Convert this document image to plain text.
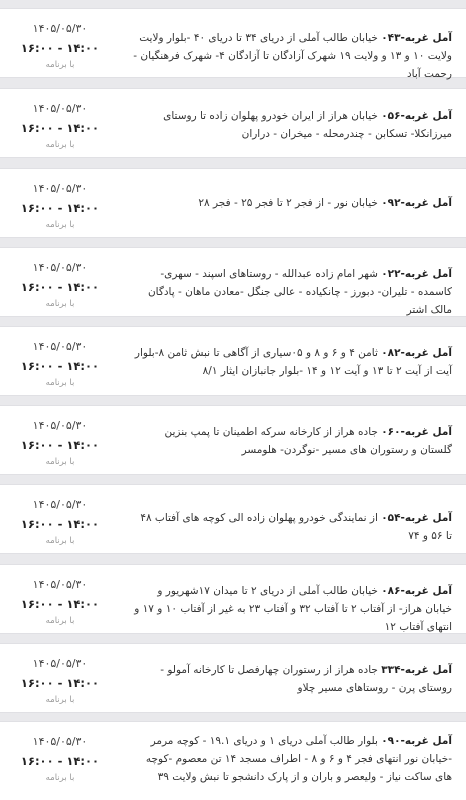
۱۴۰۵/۰۵/۳۰
۱۶:۰۰ - ۱۴:۰۰
با برنامه
آمل غربه-۰۴۳ خیابان طالب آملی از دریای ۳۴ تا دریای ۴۰ -بلوار ولایت ولایت ۱۰ و ۱۳ و ولایت ۱۹ شهرک آزادگان تا آزادگان ۴- شهرک فرهنگیان - رحمت آباد
۱۴۰۵/۰۵/۳۰
۱۶:۰۰ - ۱۴:۰۰
با برنامه
آمل غربه-۰۵۶ خیابان هراز از ایران خودرو پهلوان زاده تا روستای میرزانکلا- تسکابن - چندرمحله - میخران - دراران
۱۴۰۵/۰۵/۳۰
۱۶:۰۰ - ۱۴:۰۰
با برنامه
آمل غربه-۰۹۲ خیابان نور - از فجر ۲ تا فجر ۲۵ - فجر ۲۸
۱۴۰۵/۰۵/۳۰
۱۶:۰۰ - ۱۴:۰۰
با برنامه
آمل غربه-۰۲۲ شهر امام زاده عبدالله - روستاهای اسپند - سهری- کاسمده - تلیران- دبورز - چانکیاده - عالی جنگل -معادن ماهان - پادگان مالک اشتر
۱۴۰۵/۰۵/۳۰
۱۶:۰۰ - ۱۴:۰۰
با برنامه
آمل غربه-۰۸۲ ثامن ۴ و ۶ و ۸ و ۰۵سیاری از آگاهی تا نبش ثامن ۸-بلوار آیت از آیت ۲ تا ۱۳ و آیت ۱۲ و ۱۴ -بلوار جانبازان ایثار ۸/۱
۱۴۰۵/۰۵/۳۰
۱۶:۰۰ - ۱۴:۰۰
با برنامه
آمل غربه-۰۶۰ جاده هراز از کارخانه سرکه اطمینان تا پمپ بنزین گلستان و رستوران های مسیر -نوگردن- هلومسر
۱۴۰۵/۰۵/۳۰
۱۶:۰۰ - ۱۴:۰۰
با برنامه
آمل غربه-۰۵۴ از نمایندگی خودرو پهلوان زاده الی کوچه های آفتاب ۴۸ تا ۵۶ و ۷۴
۱۴۰۵/۰۵/۳۰
۱۶:۰۰ - ۱۴:۰۰
با برنامه
آمل غربه-۰۸۶ خیابان طالب آملی از دریای ۲ تا میدان ۱۷شهریور و خیابان هراز- از آفتاب ۲ تا آفتاب ۳۲ و آفتاب ۲۳ به غیر از آفتاب ۱۰ و ۱۷ و انتهای آفتاب ۱۲
۱۴۰۵/۰۵/۳۰
۱۶:۰۰ - ۱۴:۰۰
با برنامه
آمل غربه-۳۳۴ جاده هراز از رستوران چهارفصل تا کارخانه آمولو - روستای پرن - روستاهای مسیر چلاو
۱۴۰۵/۰۵/۳۰
۱۶:۰۰ - ۱۴:۰۰
با برنامه
آمل غربه-۰۹۰ بلوار طالب آملی دریای ۱ و دریای ۱۹.۱ - کوچه مرمر -خیابان نور انتهای فجر ۴ و ۶ و ۸ - اطراف مسجد ۱۴ تن معصوم -کوچه های ساکت نیاز - ولیعصر و باران و از پارک دانشجو تا نبش ولایت ۳۹
